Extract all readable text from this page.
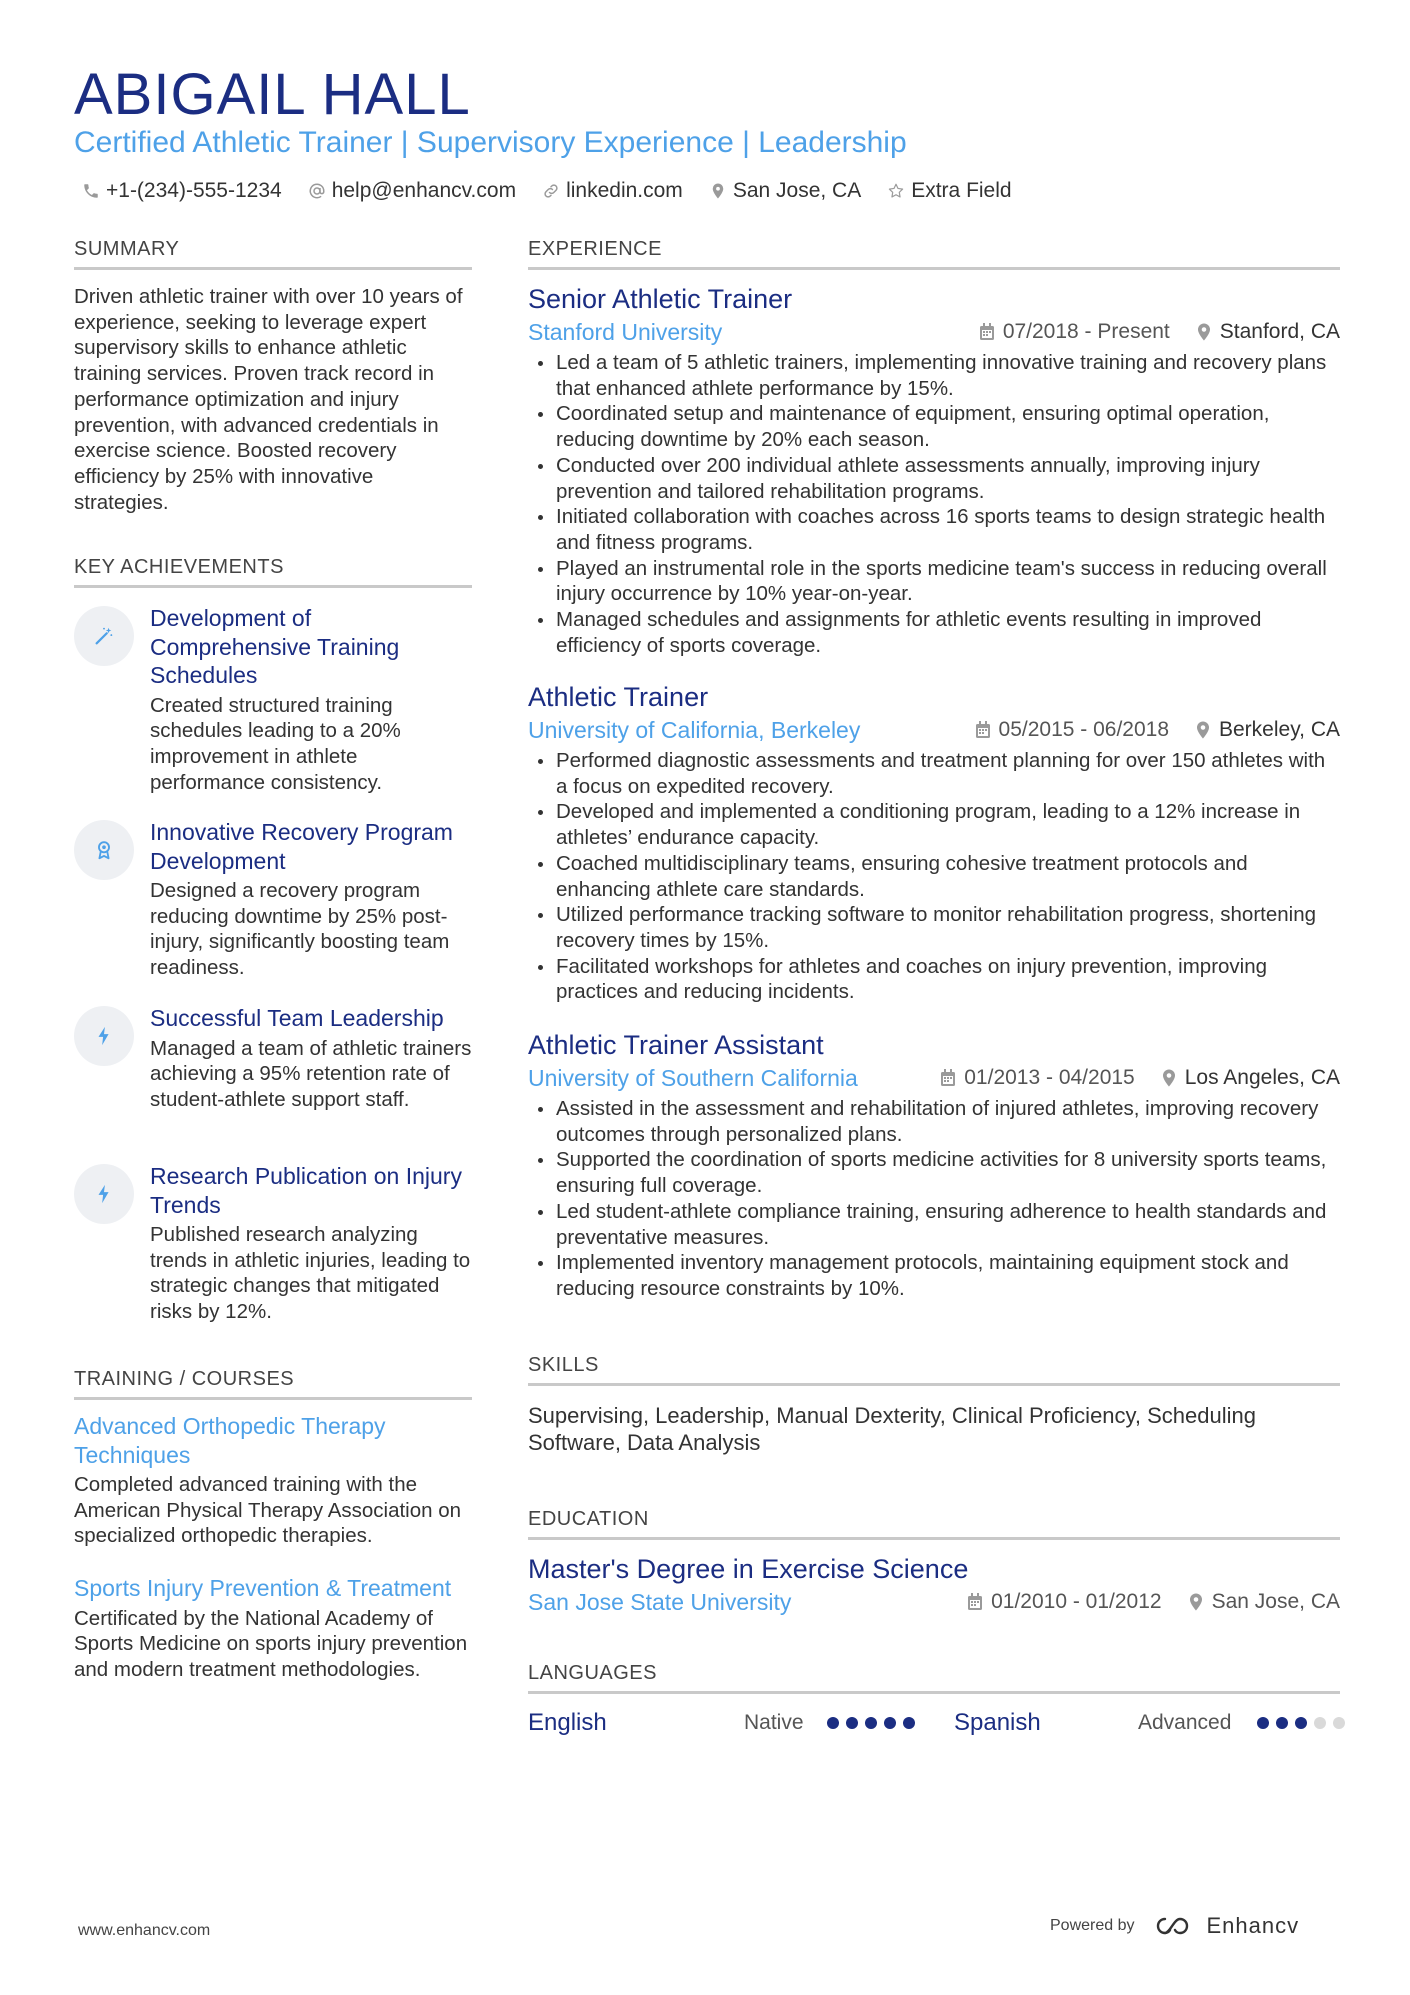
ABIGAIL HALL
Certified Athletic Trainer | Supervisory Experience | Leadership
+1-(234)-555-1234 help@enhancv.com linkedin.com San Jose, CA Extra Field
SUMMARY

Driven athletic trainer with over 10 years of experience, seeking to leverage expert supervisory skills to enhance athletic training services. Proven track record in performance optimization and injury prevention, with advanced credentials in exercise science. Boosted recovery efficiency by 25% with innovative strategies.

KEY ACHIEVEMENTS
Development of Comprehensive Training Schedules
Created structured training schedules leading to a 20% improvement in athlete performance consistency.
Innovative Recovery Program Development
Designed a recovery program reducing downtime by 25% post-injury, significantly boosting team readiness.
Successful Team Leadership
Managed a team of athletic trainers achieving a 95% retention rate of student-athlete support staff.
Research Publication on Injury Trends
Published research analyzing trends in athletic injuries, leading to strategic changes that mitigated risks by 12%.
TRAINING / COURSES
Advanced Orthopedic Therapy Techniques
Completed advanced training with the American Physical Therapy Association on specialized orthopedic therapies.
Sports Injury Prevention & Treatment
Certificated by the National Academy of Sports Medicine on sports injury prevention and modern treatment methodologies.
EXPERIENCE
Senior Athletic Trainer
Stanford University	07/2018 - Present Stanford, CA
Led a team of 5 athletic trainers, implementing innovative training and recovery plans that enhanced athlete performance by 15%.
Coordinated setup and maintenance of equipment, ensuring optimal operation, reducing downtime by 20% each season.
Conducted over 200 individual athlete assessments annually, improving injury prevention and tailored rehabilitation programs.
Initiated collaboration with coaches across 16 sports teams to design strategic health and fitness programs.
Played an instrumental role in the sports medicine team's success in reducing overall injury occurrence by 10% year-on-year.
Managed schedules and assignments for athletic events resulting in improved efficiency of sports coverage.
Athletic Trainer
University of California, Berkeley	05/2015 - 06/2018 Berkeley, CA
Performed diagnostic assessments and treatment planning for over 150 athletes with a focus on expedited recovery.
Developed and implemented a conditioning program, leading to a 12% increase in athletes’ endurance capacity.
Coached multidisciplinary teams, ensuring cohesive treatment protocols and enhancing athlete care standards.
Utilized performance tracking software to monitor rehabilitation progress, shortening recovery times by 15%.
Facilitated workshops for athletes and coaches on injury prevention, improving practices and reducing incidents.
Athletic Trainer Assistant
University of Southern California	01/2013 - 04/2015 Los Angeles, CA
Assisted in the assessment and rehabilitation of injured athletes, improving recovery outcomes through personalized plans.
Supported the coordination of sports medicine activities for 8 university sports teams, ensuring full coverage.
Led student-athlete compliance training, ensuring adherence to health standards and preventative measures.
Implemented inventory management protocols, maintaining equipment stock and reducing resource constraints by 10%.
SKILLS
Supervising, Leadership, Manual Dexterity, Clinical Proficiency, Scheduling Software, Data Analysis
EDUCATION
Master's Degree in Exercise Science
San Jose State University	01/2010 - 01/2012 San Jose, CA
LANGUAGES
English	Native	Spanish	Advanced
www.enhancv.com	Powered by	Enhancv
